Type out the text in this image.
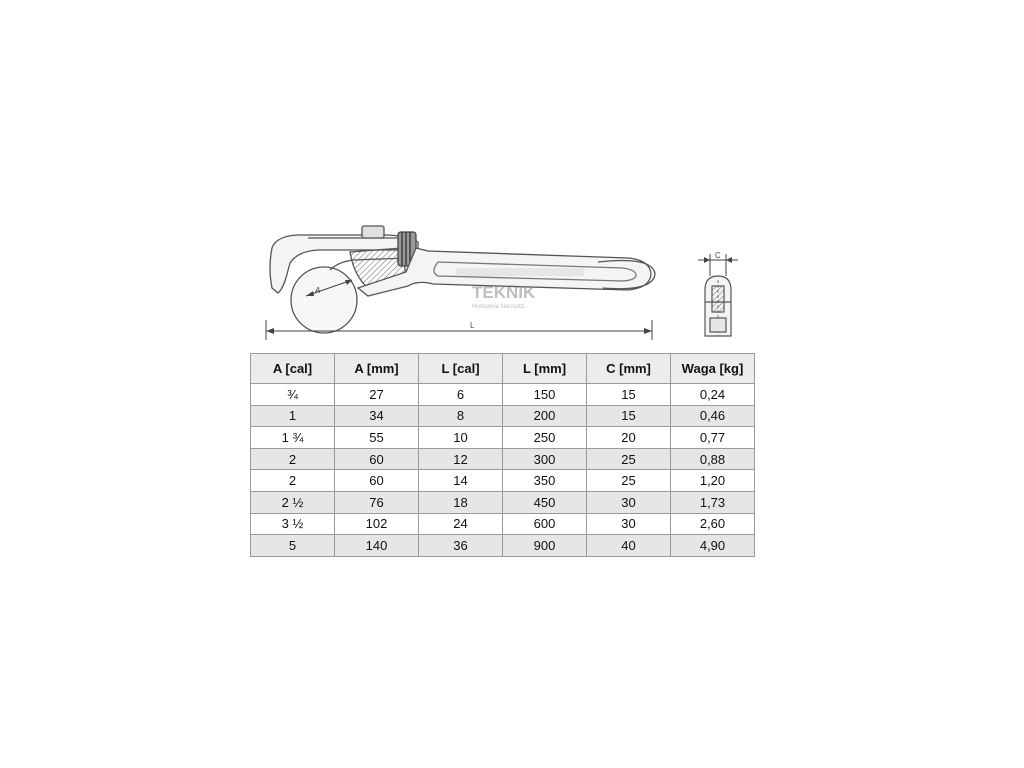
A
L
TEKNIK
Hurtownia Narzędzi
C
A [cal]	A [mm]	L [cal]	L [mm]	C [mm]	Waga [kg]
¾	27	6	150	15	0,24
1	34	8	200	15	0,46
1 ¾	55	10	250	20	0,77
2	60	12	300	25	0,88
2	60	14	350	25	1,20
2 ½	76	18	450	30	1,73
3 ½	102	24	600	30	2,60
5	140	36	900	40	4,90
